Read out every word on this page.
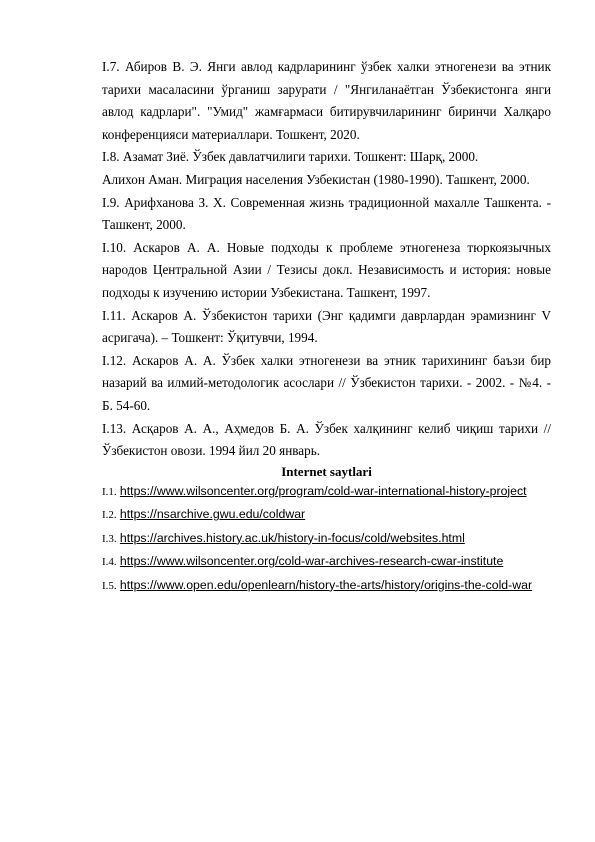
I.7. Абиров В. Э. Янги авлод кадрларининг ўзбек халки этногенези ва этник тарихи масаласини ўрганиш зарурати / "Янгиланаётган Ўзбекистонга янги авлод кадрлари". "Умид" жамғармаси битирувчиларининг биринчи Халқаро конференцияси материаллари. Тошкент, 2020.

I.8. Азамат Зиё. Ўзбек давлатчилиги тарихи. Тошкент: Шарқ, 2000.

Алихон Аман. Миграция населения Узбекистан (1980-1990). Ташкент, 2000.

I.9. Арифханова З. Х. Современная жизнь традиционной махалле Ташкента. - Ташкент, 2000.

I.10. Аскаров А. А. Новые подходы к проблеме этногенеза тюркоязычных народов Центральной Азии / Тезисы докл. Независимость и история: новые подходы к изучению истории Узбекистана. Ташкент, 1997.

I.11. Аскаров А. Ўзбекистон тарихи (Энг қадимги даврлардан эрамизнинг V асригача). – Тошкент: Ўқитувчи, 1994.

I.12. Аскаров А. А. Ўзбек халки этногенези ва этник тарихининг баъзи бир назарий ва илмий-методологик асослари // Ўзбекистон тарихи. - 2002. - №4. - Б. 54-60.

I.13. Асқаров А. А., Аҳмедов Б. А. Ўзбек халқининг келиб чиқиш тарихи // Ўзбекистон овози. 1994 йил 20 январь.

Internet saytlari

I.1. https://www.wilsoncenter.org/program/cold-war-international-history-project

I.2. https://nsarchive.gwu.edu/coldwar

I.3. https://archives.history.ac.uk/history-in-focus/cold/websites.html

I.4. https://www.wilsoncenter.org/cold-war-archives-research-cwar-institute

I.5. https://www.open.edu/openlearn/history-the-arts/history/origins-the-cold-war
